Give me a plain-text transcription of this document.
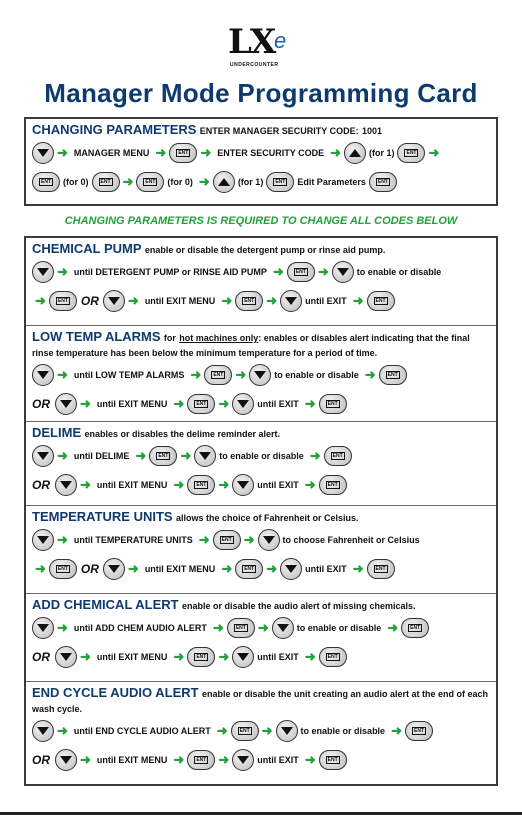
LX e
UNDERCOUNTER
Manager Mode Programming Card
CHANGING PARAMETERS ENTER MANAGER SECURITY CODE: 1001
➜ MANAGER MENU ➜	ENT ➜ ENTER SECURITY CODE ➜	(for 1)	ENT ➜
ENT (for 0)	ENT ➜	ENT (for 0) ➜	(for 1)	ENT Edit Parameters	ENT
CHANGING PARAMETERS IS REQUIRED TO CHANGE ALL CODES BELOW
CHEMICAL PUMP enable or disable the detergent pump or rinse aid pump.
➜ until DETERGENT PUMP or RINSE AID PUMP ➜	ENT ➜	to enable or disable
➜	ENT OR ➜ until EXIT MENU ➜	ENT ➜	until EXIT ➜	ENT
LOW TEMP ALARMS for hot machines only: enables or disables alert indicating that the final rinse temperature has been below the minimum temperature for a period of time.
➜ until LOW TEMP ALARMS ➜	ENT ➜	to enable or disable ➜	ENT
OR ➜ until EXIT MENU ➜	ENT ➜	until EXIT ➜	ENT
DELIME enables or disables the delime reminder alert.
➜ until DELIME ➜	ENT ➜	to enable or disable ➜	ENT
OR ➜ until EXIT MENU ➜	ENT ➜	until EXIT ➜	ENT
TEMPERATURE UNITS allows the choice of Fahrenheit or Celsius.
➜ until TEMPERATURE UNITS ➜	ENT ➜	to choose Fahrenheit or Celsius
➜	ENT OR ➜ until EXIT MENU ➜	ENT ➜	until EXIT ➜	ENT
ADD CHEMICAL ALERT enable or disable the audio alert of missing chemicals.
➜ until ADD CHEM AUDIO ALERT ➜	ENT ➜	to enable or disable ➜	ENT
OR ➜ until EXIT MENU ➜	ENT ➜	until EXIT ➜	ENT
END CYCLE AUDIO ALERT enable or disable the unit creating an audio alert at the end of each wash cycle.
➜ until END CYCLE AUDIO ALERT ➜	ENT ➜	to enable or disable ➜	ENT
OR ➜ until EXIT MENU ➜	ENT ➜	until EXIT ➜	ENT
